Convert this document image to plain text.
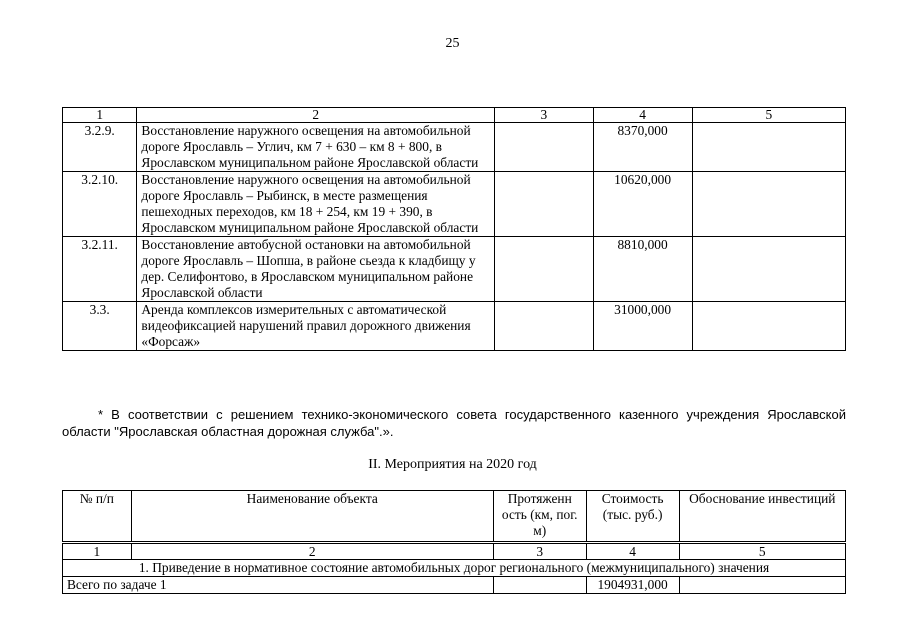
25
1	2	3	4	5
3.2.9.	Восстановление наружного освещения на автомобильной дороге Ярославль – Углич, км 7 + 630 – км 8 + 800, в Ярославском муниципальном районе Ярославской области		8370,000	
3.2.10.	Восстановление наружного освещения на автомобильной дороге Ярославль – Рыбинск, в месте размещения пешеходных переходов, км 18 + 254, км 19 + 390, в Ярославском муниципальном районе Ярославской области		10620,000	
3.2.11.	Восстановление автобусной остановки на автомобильной дороге Ярославль – Шопша, в районе сьезда к кладбищу у дер. Селифонтово, в Ярославском муниципальном районе Ярославской области		8810,000	
3.3.	Аренда комплексов измерительных с автоматической видеофиксацией нарушений правил дорожного движения «Форсаж»		31000,000	
* В соответствии с решением технико-экономического совета государственного казенного учреждения Ярославской области "Ярославская областная дорожная служба".».
II. Мероприятия на 2020 год
№ п/п	Наименование объекта	Протяженн ость (км, пог. м)	Стоимость (тыс. руб.)	Обоснование инвестиций

1	2	3	4	5
1. Приведение в нормативное состояние автомобильных дорог регионального (межмуниципального) значения				
Всего по задаче 1			1904931,000	
